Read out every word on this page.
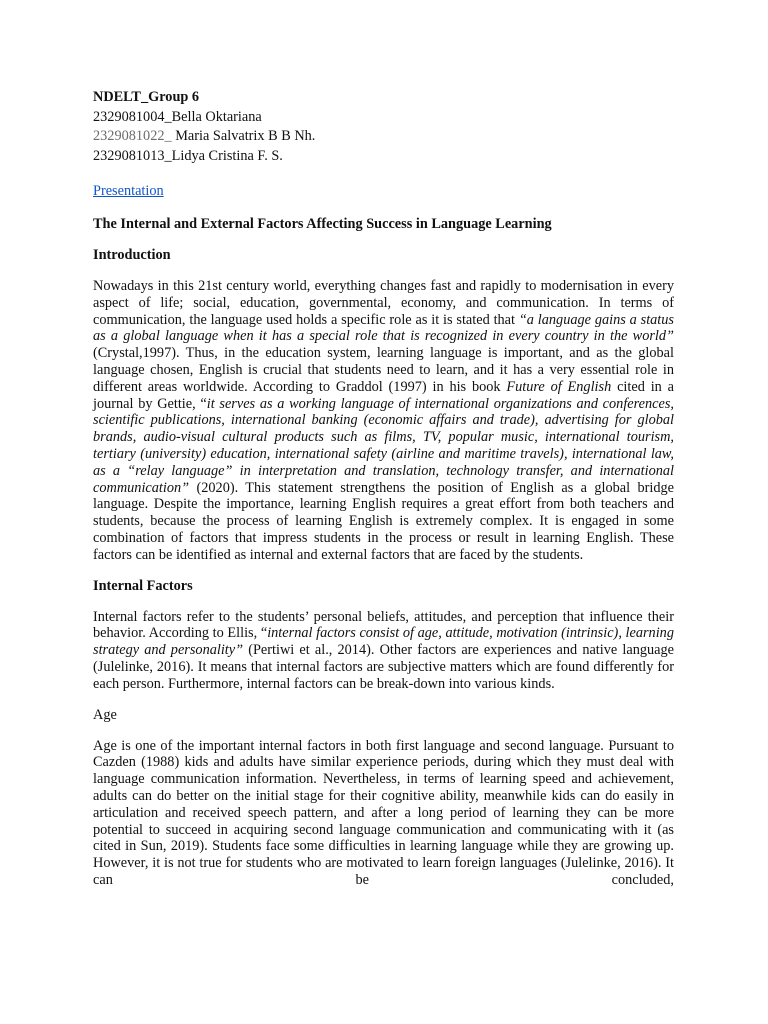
NDELT_Group 6
2329081004_Bella Oktariana
2329081022_ Maria Salvatrix B B Nh.
2329081013_Lidya Cristina F. S.
Presentation
The Internal and External Factors Affecting Success in Language Learning
Introduction

Nowadays in this 21st century world, everything changes fast and rapidly to modernisation in every aspect of life; social, education, governmental, economy, and communication. In terms of communication, the language used holds a specific role as it is stated that “a language gains a status as a global language when it has a special role that is recognized in every country in the world” (Crystal,1997). Thus, in the education system, learning language is important, and as the global language chosen, English is crucial that students need to learn, and it has a very essential role in different areas worldwide. According to Graddol (1997) in his book Future of English cited in a journal by Gettie, “it serves as a working language of international organizations and conferences, scientific publications, international banking (economic affairs and trade), advertising for global brands, audio-visual cultural products such as films, TV, popular music, international tourism, tertiary (university) education, international safety (airline and maritime travels), international law, as a “relay language” in interpretation and translation, technology transfer, and international communication” (2020). This statement strengthens the position of English as a global bridge language. Despite the importance, learning English requires a great effort from both teachers and students, because the process of learning English is extremely complex. It is engaged in some combination of factors that impress students in the process or result in learning English. These factors can be identified as internal and external factors that are faced by the students.

Internal Factors

Internal factors refer to the students’ personal beliefs, attitudes, and perception that influence their behavior. According to Ellis, “internal factors consist of age, attitude, motivation (intrinsic), learning strategy and personality” (Pertiwi et al., 2014). Other factors are experiences and native language (Julelinke, 2016). It means that internal factors are subjective matters which are found differently for each person. Furthermore, internal factors can be break-down into various kinds.

Age

Age is one of the important internal factors in both first language and second language. Pursuant to Cazden (1988) kids and adults have similar experience periods, during which they must deal with language communication information. Nevertheless, in terms of learning speed and achievement, adults can do better on the initial stage for their cognitive ability, meanwhile kids can do easily in articulation and received speech pattern, and after a long period of learning they can be more potential to succeed in acquiring second language communication and communicating with it (as cited in Sun, 2019). Students face some difficulties in learning language while they are growing up. However, it is not true for students who are motivated to learn foreign languages (Julelinke, 2016). It can be concluded,
